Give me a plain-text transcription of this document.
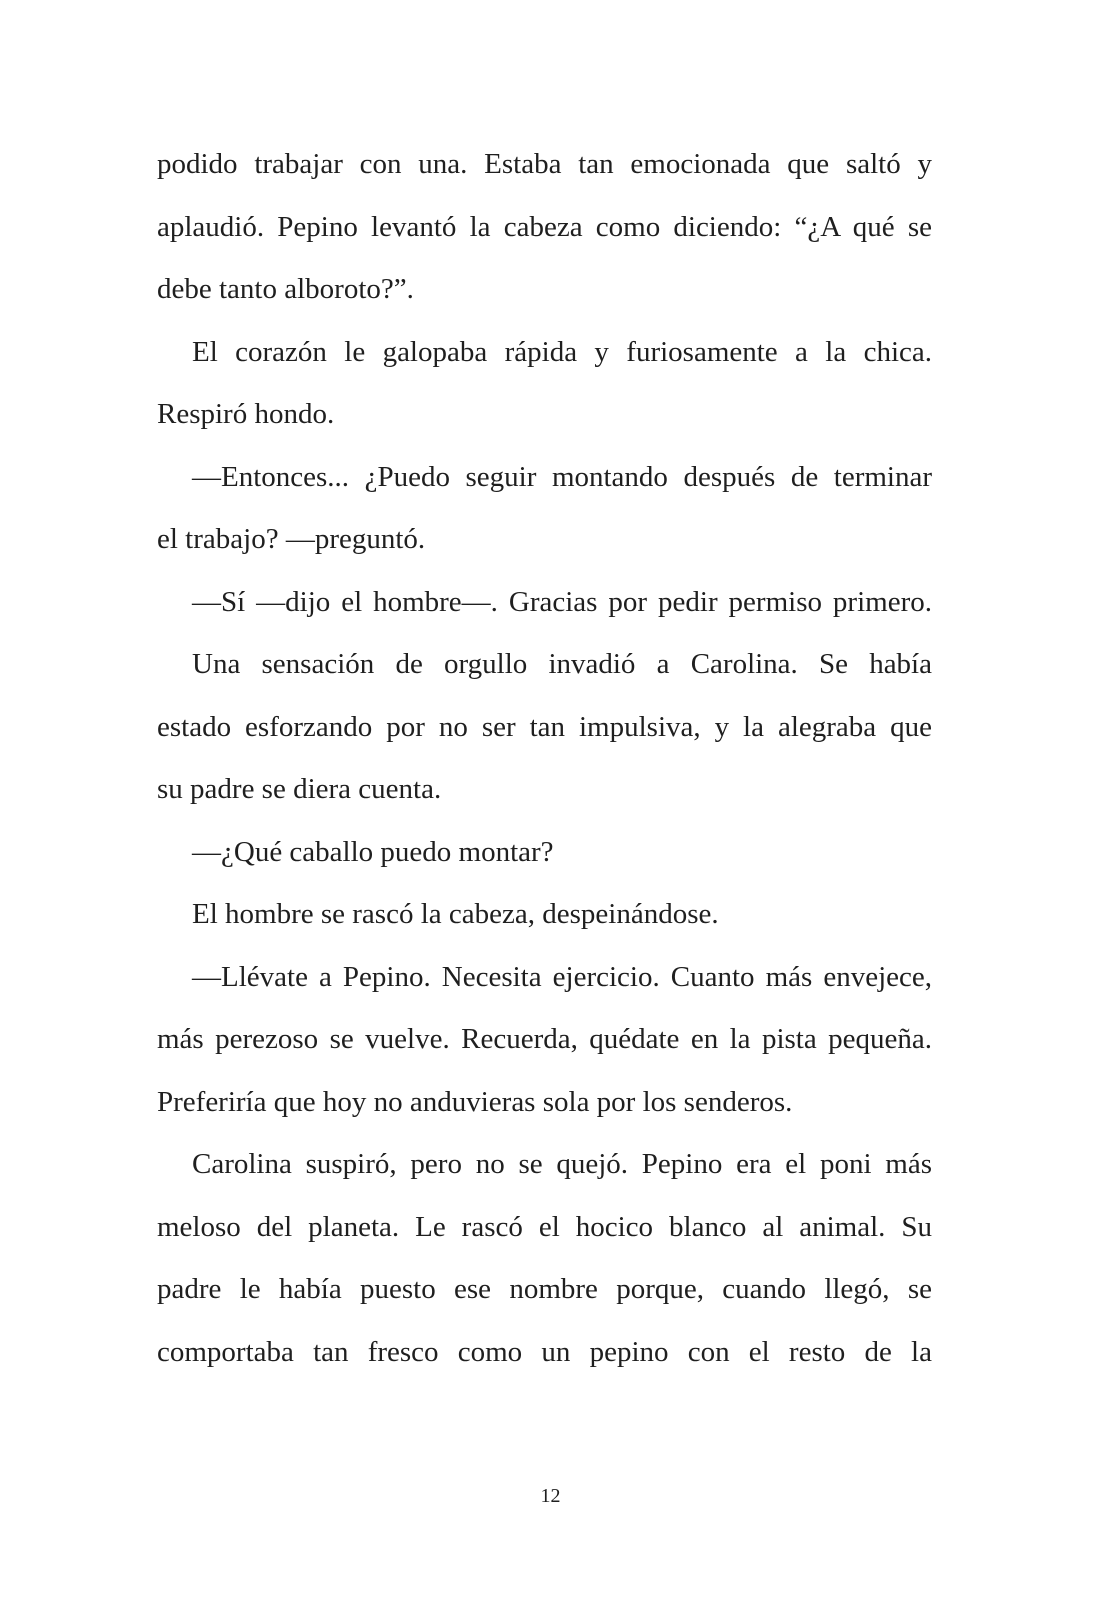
podido trabajar con una. Estaba tan emocionada que saltó y
aplaudió. Pepino levantó la cabeza como diciendo: “¿A qué se
debe tanto alboroto?”.
El corazón le galopaba rápida y furiosamente a la chica.
Respiró hondo.
—Entonces... ¿Puedo seguir montando después de terminar
el trabajo? —preguntó.
—Sí —dijo el hombre—. Gracias por pedir permiso primero.
Una sensación de orgullo invadió a Carolina. Se había
estado esforzando por no ser tan impulsiva, y la alegraba que
su padre se diera cuenta.
—¿Qué caballo puedo montar?
El hombre se rascó la cabeza, despeinándose.
—Llévate a Pepino. Necesita ejercicio. Cuanto más envejece,
más perezoso se vuelve. Recuerda, quédate en la pista pequeña.
Preferiría que hoy no anduvieras sola por los senderos.
Carolina suspiró, pero no se quejó. Pepino era el poni más
meloso del planeta. Le rascó el hocico blanco al animal. Su
padre le había puesto ese nombre porque, cuando llegó, se
comportaba tan fresco como un pepino con el resto de la
12
